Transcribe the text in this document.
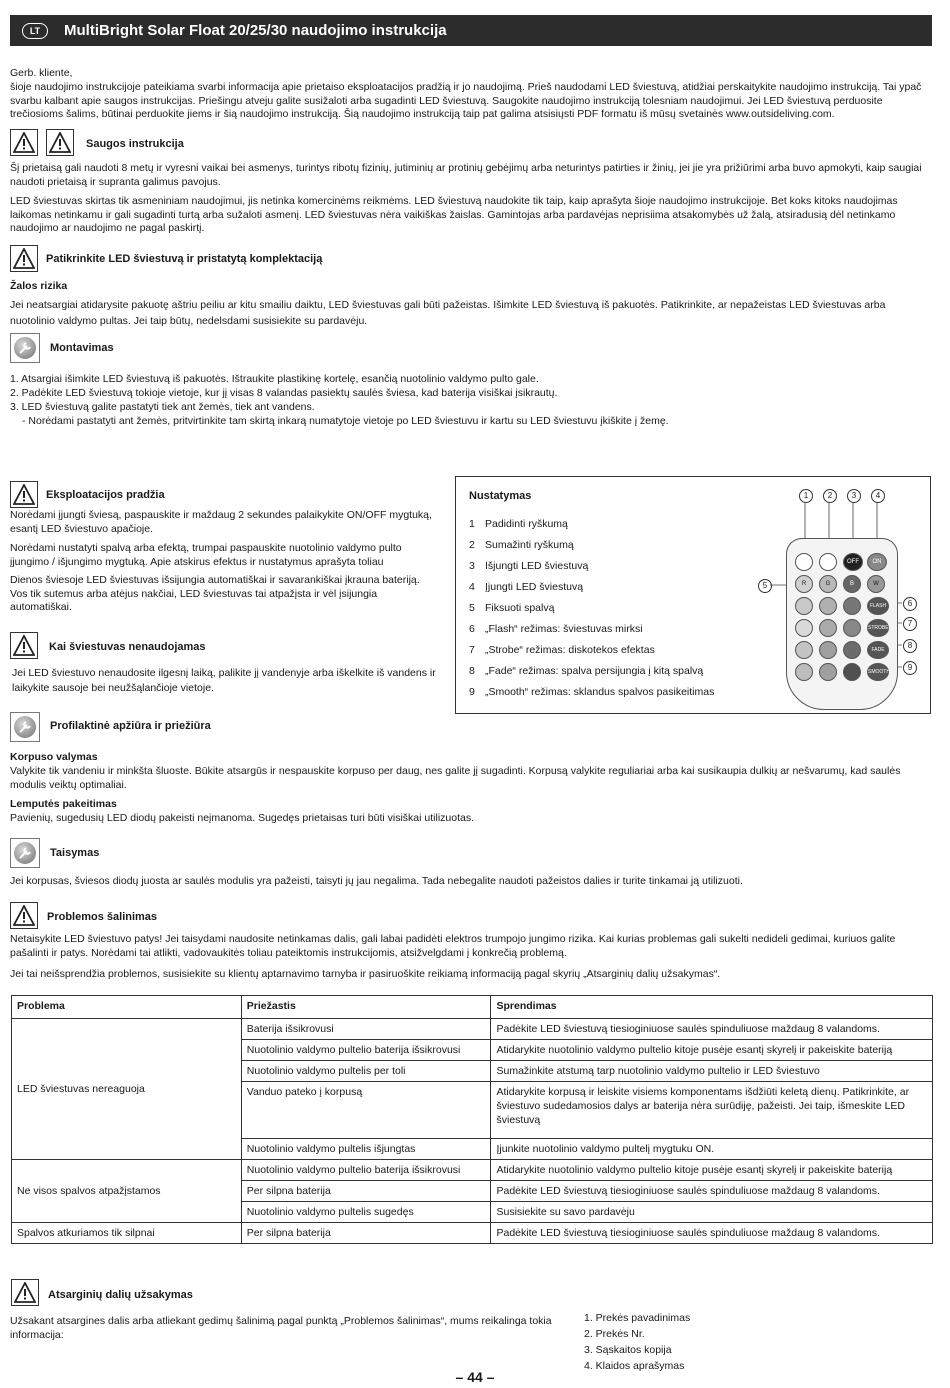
LT	MultiBright Solar Float 20/25/30 naudojimo instrukcija
Gerb. kliente,
šioje naudojimo instrukcijoje pateikiama svarbi informacija apie prietaiso eksploatacijos pradžią ir jo naudojimą. Prieš naudodami LED šviestuvą, atidžiai perskaitykite naudojimo instrukciją. Tai ypač svarbu kalbant apie saugos instrukcijas. Priešingu atveju galite susižaloti arba sugadinti LED šviestuvą. Saugokite naudojimo instrukciją tolesniam naudojimui. Jei LED šviestuvą perduosite trečiosioms šalims, būtinai perduokite jiems ir šią naudojimo instrukciją. Šią naudojimo instrukciją taip pat galima atsisiųsti PDF formatu iš mūsų svetainės www.outsideliving.com.
Saugos instrukcija
Šį prietaisą gali naudoti 8 metų ir vyresni vaikai bei asmenys, turintys ribotų fizinių, jutiminių ar protinių gebėjimų arba neturintys patirties ir žinių, jei jie yra prižiūrimi arba buvo apmokyti, kaip saugiai naudoti prietaisą ir supranta galimus pavojus.
LED šviestuvas skirtas tik asmeniniam naudojimui, jis netinka komercinėms reikmėms. LED šviestuvą naudokite tik taip, kaip aprašyta šioje naudojimo instrukcijoje. Bet koks kitoks naudojimas laikomas netinkamu ir gali sugadinti turtą arba sužaloti asmenį. LED šviestuvas nėra vaikiškas žaislas. Gamintojas arba pardavėjas neprisiima atsakomybės už žalą, atsiradusią dėl netinkamo naudojimo ar naudojimo ne pagal paskirtį.
Patikrinkite LED šviestuvą ir pristatytą komplektaciją
Žalos rizika
Jei neatsargiai atidarysite pakuotę aštriu peiliu ar kitu smailiu daiktu, LED šviestuvas gali būti pažeistas. Išimkite LED šviestuvą iš pakuotės. Patikrinkite, ar nepažeistas LED šviestuvas arba nuotolinio valdymo pultas. Jei taip būtų, nedelsdami susisiekite su pardavėju.
Montavimas
1. Atsargiai išimkite LED šviestuvą iš pakuotės. Ištraukite plastikinę kortelę, esančią nuotolinio valdymo pulto gale.
2. Padėkite LED šviestuvą tokioje vietoje, kur jį visas 8 valandas pasiektų saulės šviesa, kad baterija visiškai įsikrautų.
3. LED šviestuvą galite pastatyti tiek ant žemės, tiek ant vandens.
- Norėdami pastatyti ant žemės, pritvirtinkite tam skirtą inkarą numatytoje vietoje po LED šviestuvu ir kartu su LED šviestuvu įkiškite į žemę.
Eksploatacijos pradžia
Norėdami įjungti šviesą, paspauskite ir maždaug 2 sekundes palaikykite ON/OFF mygtuką, esantį LED šviestuvo apačioje.
Norėdami nustatyti spalvą arba efektą, trumpai paspauskite nuotolinio valdymo pulto įjungimo / išjungimo mygtuką. Apie atskirus efektus ir nustatymus aprašyta toliau
Dienos šviesoje LED šviestuvas išsijungia automatiškai ir savarankiškai įkrauna bateriją. Vos tik sutemus arba atėjus nakčiai, LED šviestuvas tai atpažįsta ir vėl įsijungia automatiškai.
Kai šviestuvas nenaudojamas
Jei LED šviestuvo nenaudosite ilgesnį laiką, palikite jį vandenyje arba iškelkite iš vandens ir laikykite sausoje bei neužšąlančioje vietoje.
Nustatymas
1 Padidinti ryškumą
2 Sumažinti ryškumą
3 Išjungti LED šviestuvą
4 Įjungti LED šviestuvą
5 Fiksuoti spalvą
6 „Flash“ režimas: šviestuvas mirksi
7 „Strobe“ režimas: diskotekos efektas
8 „Fade“ režimas: spalva persijungia į kitą spalvą
9 „Smooth“ režimas: sklandus spalvos pasikeitimas
1	2	3	4
5
6
7
8
9
OFF	ON
R	G	B	W
FLASH
STROBE
FADE
SMOOTH
Profilaktinė apžiūra ir priežiūra
Korpuso valymas
Valykite tik vandeniu ir minkšta šluoste. Būkite atsargūs ir nespauskite korpuso per daug, nes galite jį sugadinti. Korpusą valykite reguliariai arba kai susikaupia dulkių ar nešvarumų, kad saulės modulis veiktų optimaliai.
Lemputės pakeitimas
Pavienių, sugedusių LED diodų pakeisti neįmanoma. Sugedęs prietaisas turi būti visiškai utilizuotas.
Taisymas
Jei korpusas, šviesos diodų juosta ar saulės modulis yra pažeisti, taisyti jų jau negalima. Tada nebegalite naudoti pažeistos dalies ir turite tinkamai ją utilizuoti.
Problemos šalinimas
Netaisykite LED šviestuvo patys! Jei taisydami naudosite netinkamas dalis, gali labai padidėti elektros trumpojo jungimo rizika. Kai kurias problemas gali sukelti nedideli gedimai, kuriuos galite pašalinti ir patys. Norėdami tai atlikti, vadovaukitės toliau pateiktomis instrukcijomis, atsižvelgdami į konkrečią problemą.
Jei tai neišsprendžia problemos, susisiekite su klientų aptarnavimo tarnyba ir pasiruoškite reikiamą informaciją pagal skyrių „Atsarginių dalių užsakymas“.
Problema	Priežastis	Sprendimas
LED šviestuvas nereaguoja	Baterija išsikrovusi	Padėkite LED šviestuvą tiesioginiuose saulės spinduliuose maždaug 8 valandoms.
	Nuotolinio valdymo pultelio baterija išsikrovusi	Atidarykite nuotolinio valdymo pultelio kitoje pusėje esantį skyrelį ir pakeiskite bateriją
	Nuotolinio valdymo pultelis per toli	Sumažinkite atstumą tarp nuotolinio valdymo pultelio ir LED šviestuvo
	Vanduo pateko į korpusą	Atidarykite korpusą ir leiskite visiems komponentams išdžiūti keletą dienų. Patikrinkite, ar šviestuvo sudedamosios dalys ar baterija nėra surūdiję, pažeisti. Jei taip, išmeskite LED šviestuvą
	Nuotolinio valdymo pultelis išjungtas	Įjunkite nuotolinio valdymo pultelį mygtuku ON.
Ne visos spalvos atpažįstamos	Nuotolinio valdymo pultelio baterija išsikrovusi	Atidarykite nuotolinio valdymo pultelio kitoje pusėje esantį skyrelį ir pakeiskite bateriją
	Per silpna baterija	Padėkite LED šviestuvą tiesioginiuose saulės spinduliuose maždaug 8 valandoms.
	Nuotolinio valdymo pultelis sugedęs	Susisiekite su savo pardavėju
Spalvos atkuriamos tik silpnai	Per silpna baterija	Padėkite LED šviestuvą tiesioginiuose saulės spinduliuose maždaug 8 valandoms.
Atsarginių dalių užsakymas
Užsakant atsargines dalis arba atliekant gedimų šalinimą pagal punktą „Problemos šalinimas“, mums reikalinga tokia informacija:
1. Prekės pavadinimas
2. Prekės Nr.
3. Sąskaitos kopija
4. Klaidos aprašymas
– 44 –
